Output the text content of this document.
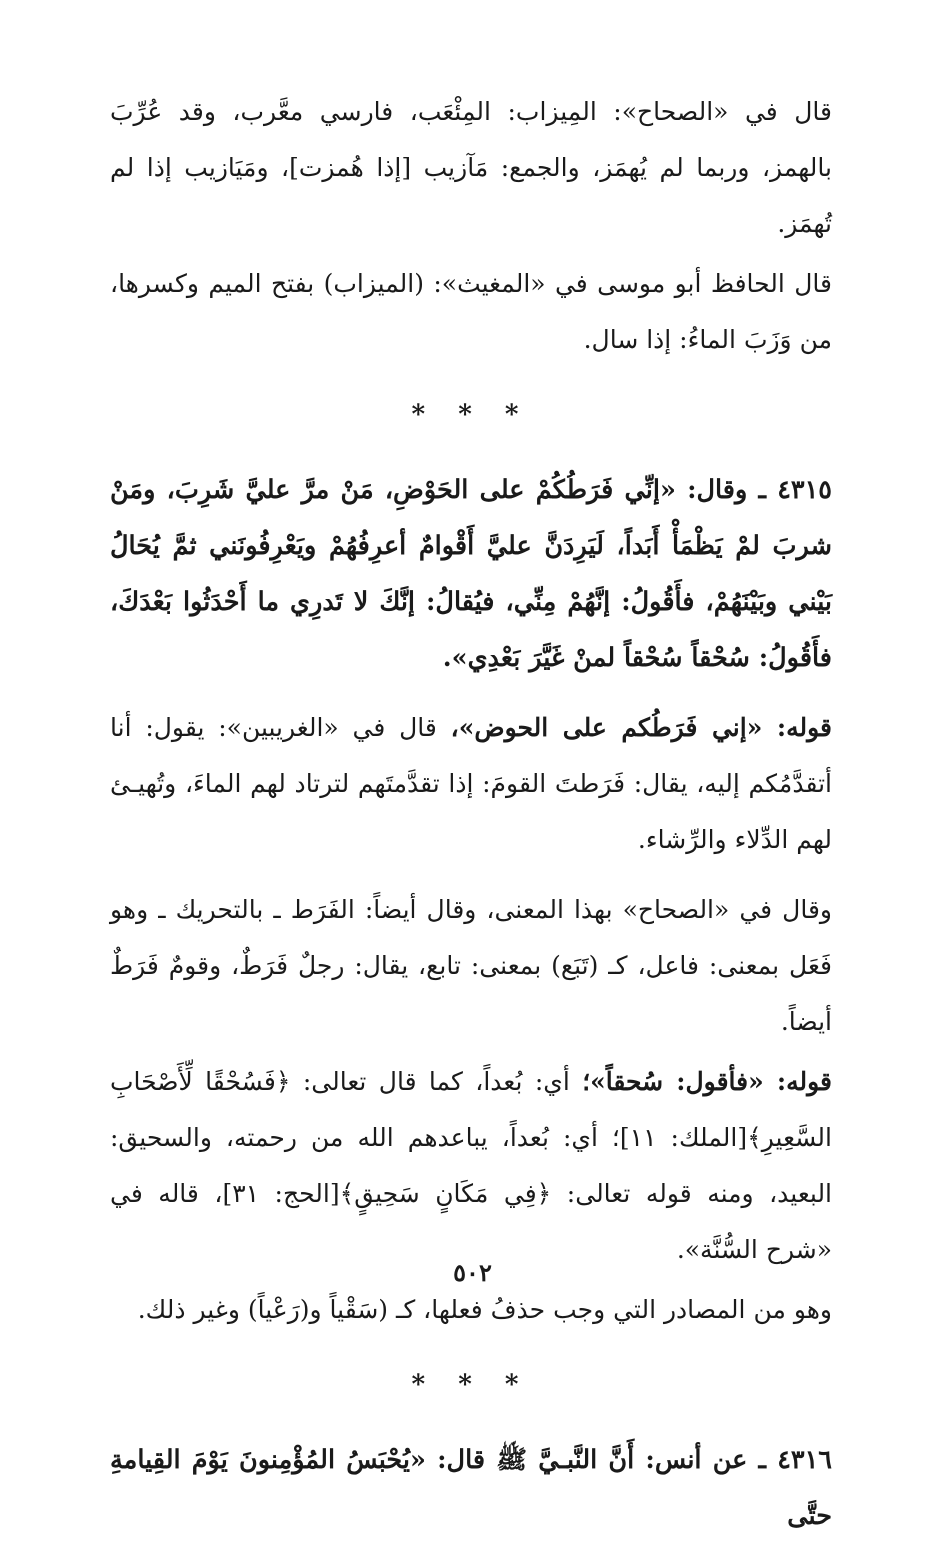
قال في «الصحاح»: المِيزاب: المِئْعَب، فارسي معَّرب، وقد عُرِّبَ بالهمز، وربما لم يُهمَز، والجمع: مَآزيب [إذا هُمزت]، ومَيَازيب إذا لم تُهمَز.

قال الحافظ أبو موسى في «المغيث»: (الميزاب) بفتح الميم وكسرها، من وَزَبَ الماءُ: إذا سال.

* * *

٤٣١٥ ـ وقال: «إنِّي فَرَطُكُمْ على الحَوْضِ، مَنْ مرَّ عليَّ شَرِبَ، ومَنْ شربَ لمْ يَظْمَأْ أَبَداً، لَيَرِدَنَّ عليَّ أَقْوامٌ أعرِفُهُمْ ويَعْرِفُونَني ثمَّ يُحَالُ بَيْني وبَيْنَهُمْ، فأَقُولُ: إنَّهُمْ مِنِّي، فيُقالُ: إنَّكَ لا تَدرِي ما أَحْدَثُوا بَعْدَكَ، فأَقُولُ: سُحْقاً سُحْقاً لمنْ غَيَّرَ بَعْدِي».

قوله: «إني فَرَطُكم على الحوض»، قال في «الغريبين»: يقول: أنا أتقدَّمُكم إليه، يقال: فَرَطتَ القومَ: إذا تقدَّمتَهم لترتاد لهم الماءَ، وتُهيـئ لهم الدِّلاء والرِّشاء.

وقال في «الصحاح» بهذا المعنى، وقال أيضاً: الفَرَط ـ بالتحريك ـ وهو فَعَل بمعنى: فاعل، كـ (تَبَع) بمعنى: تابع، يقال: رجلٌ فَرَطٌ، وقومٌ فَرَطٌ أيضاً.

قوله: «فأقول: سُحقاً»؛ أي: بُعداً، كما قال تعالى: ﴿فَسُحْقًا لِّأَصْحَابِ السَّعِيرِ﴾[الملك: ١١]؛ أي: بُعداً، يباعدهم الله من رحمته، والسحيق: البعيد، ومنه قوله تعالى: ﴿فِي مَكَانٍ سَحِيقٍ﴾[الحج: ٣١]، قاله في «شرح السُّنَّة».

وهو من المصادر التي وجب حذفُ فعلها، كـ (سَقْياً و(رَعْياً) وغير ذلك.

* * *

٤٣١٦ ـ عن أنس: أَنَّ النَّبـيَّ ﷺ قال: «يُحْبَسُ المُؤْمِنونَ يَوْمَ القِيامةِ حتَّى

٥٠٢
